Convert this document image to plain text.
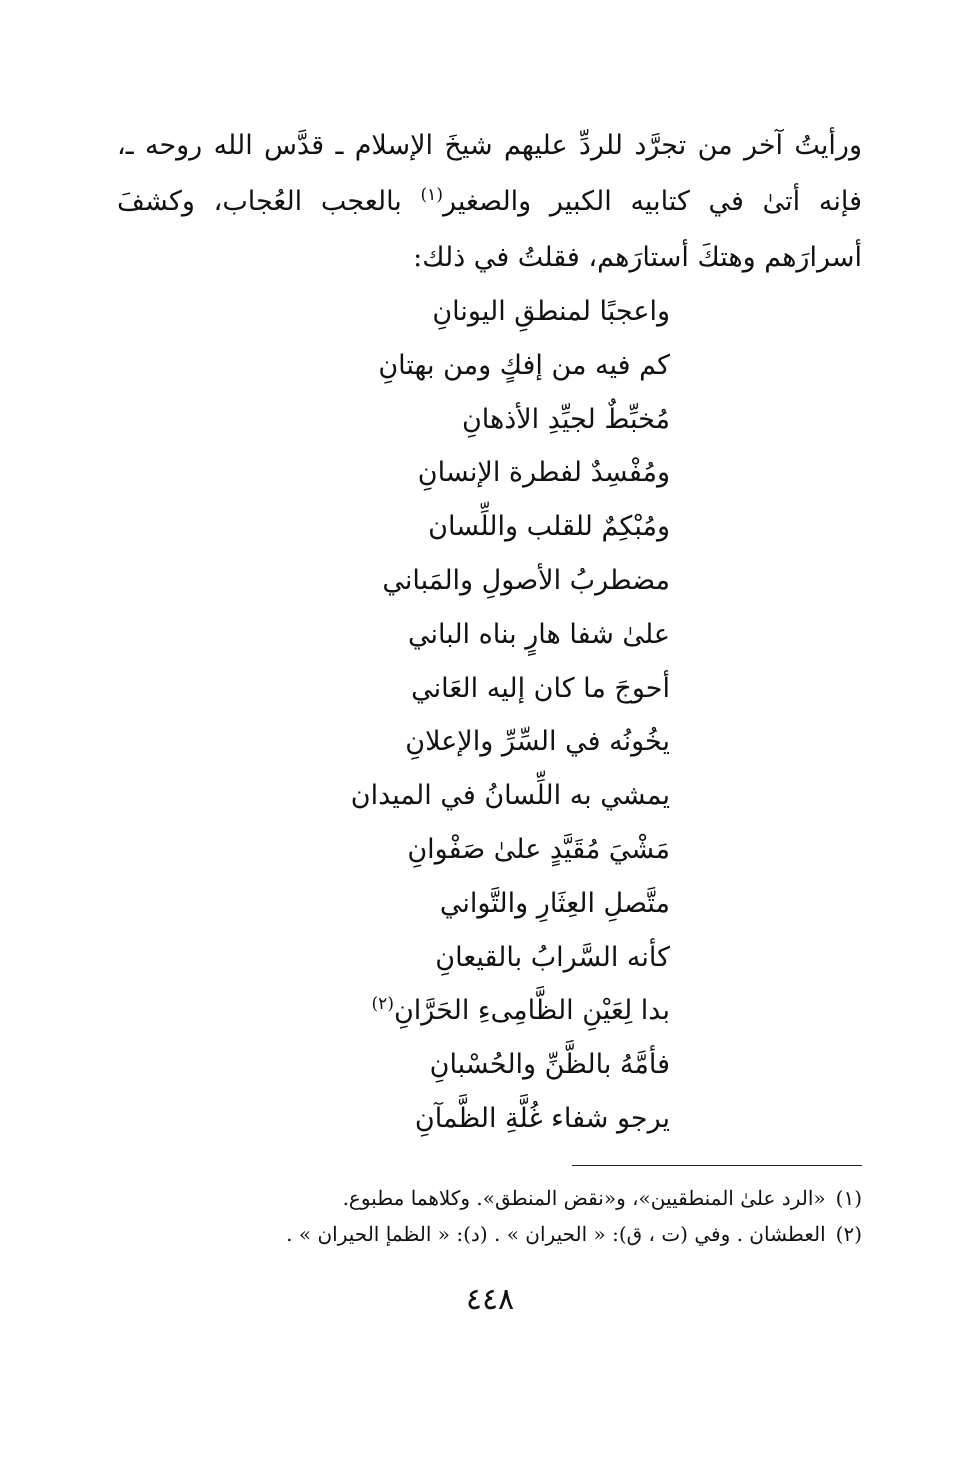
ورأيتُ آخر من تجرَّد للردِّ عليهم شيخَ الإسلام ـ قدَّس الله روحه ـ، فإنه أتىٰ في كتابيه الكبير والصغير$^{(١)}$ بالعجب العُجاب، وكشفَ أسرارَهم وهتكَ أستارَهم، فقلتُ في ذلك:

واعجبًا لمنطقِ اليونانِ
كم فيه من إفكٍ ومن بهتانِ
مُخبِّطٌ لجيِّدِ الأذهانِ
ومُفْسِدٌ لفطرة الإنسانِ
ومُبْكِمٌ للقلب واللِّسان
مضطربُ الأصولِ والمَباني
علىٰ شفا هارٍ بناه الباني
أحوجَ ما كان إليه العَاني
يخُونُه في السِّرِّ والإعلانِ
يمشي به اللِّسانُ في الميدان
مَشْيَ مُقَيَّدٍ علىٰ صَفْوانِ
متَّصلِ العِثَارِ والتَّواني
كأنه السَّرابُ بالقيعانِ
بدا لِعَيْنِ الظَّامِىءِ الحَرَّانِ$^{(٢)}$
فأمَّهُ بالظَّنِّ والحُسْبانِ
يرجو شفاء غُلَّةِ الظَّمآنِ
(١)«الرد علىٰ المنطقيين»، و«نقض المنطق». وكلاهما مطبوع.
(٢)العطشان . وفي (ت ، ق): « الحيران » . (د): « الظمإ الحيران » .
٤٤٨
